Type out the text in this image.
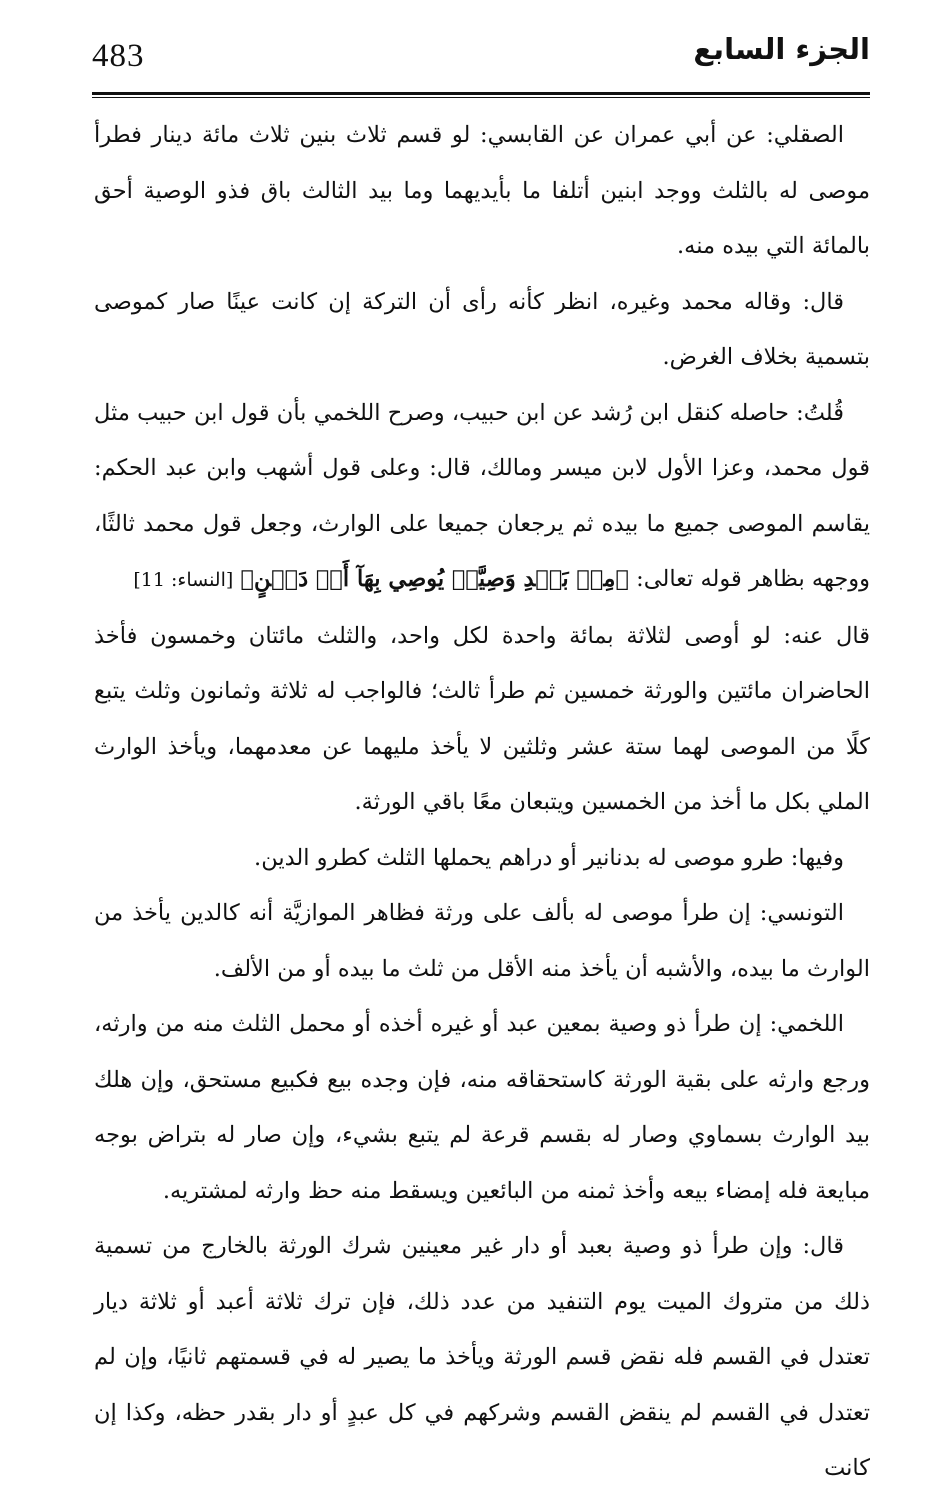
483	الجزء السابع

الصقلي: عن أبي عمران عن القابسي: لو قسم ثلاث بنين ثلاث مائة دينار فطرأ موصى له بالثلث ووجد ابنين أتلفا ما بأيديهما وما بيد الثالث باق فذو الوصية أحق بالمائة التي بيده منه.

قال: وقاله محمد وغيره، انظر كأنه رأى أن التركة إن كانت عينًا صار كموصى بتسمية بخلاف الغرض.

قُلتُ: حاصله كنقل ابن رُشد عن ابن حبيب، وصرح اللخمي بأن قول ابن حبيب مثل قول محمد، وعزا الأول لابن ميسر ومالك، قال: وعلى قول أشهب وابن عبد الحكم: يقاسم الموصى جميع ما بيده ثم يرجعان جميعا على الوارث، وجعل قول محمد ثالثًا، ووجهه بظاهر قوله تعالى: ﴿مِنۢ بَعۡدِ وَصِيَّةٖ يُوصِي بِهَآ أَوۡ دَيۡنٍ﴾ [النساء: 11]

قال عنه: لو أوصى لثلاثة بمائة واحدة لكل واحد، والثلث مائتان وخمسون فأخذ الحاضران مائتين والورثة خمسين ثم طرأ ثالث؛ فالواجب له ثلاثة وثمانون وثلث يتبع كلًا من الموصى لهما ستة عشر وثلثين لا يأخذ مليهما عن معدمهما، ويأخذ الوارث الملي بكل ما أخذ من الخمسين ويتبعان معًا باقي الورثة.

وفيها: طرو موصى له بدنانير أو دراهم يحملها الثلث كطرو الدين.

التونسي: إن طرأ موصى له بألف على ورثة فظاهر الموازيَّة أنه كالدين يأخذ من الوارث ما بيده، والأشبه أن يأخذ منه الأقل من ثلث ما بيده أو من الألف.

اللخمي: إن طرأ ذو وصية بمعين عبد أو غيره أخذه أو محمل الثلث منه من وارثه، ورجع وارثه على بقية الورثة كاستحقاقه منه، فإن وجده بيع فكبيع مستحق، وإن هلك بيد الوارث بسماوي وصار له بقسم قرعة لم يتبع بشيء، وإن صار له بتراض بوجه مبايعة فله إمضاء بيعه وأخذ ثمنه من البائعين ويسقط منه حظ وارثه لمشتريه.

قال: وإن طرأ ذو وصية بعبد أو دار غير معينين شرك الورثة بالخارج من تسمية ذلك من متروك الميت يوم التنفيد من عدد ذلك، فإن ترك ثلاثة أعبد أو ثلاثة ديار تعتدل في القسم فله نقض قسم الورثة ويأخذ ما يصير له في قسمتهم ثانيًا، وإن لم تعتدل في القسم لم ينقض القسم وشركهم في كل عبدٍ أو دار بقدر حظه، وكذا إن كانت
